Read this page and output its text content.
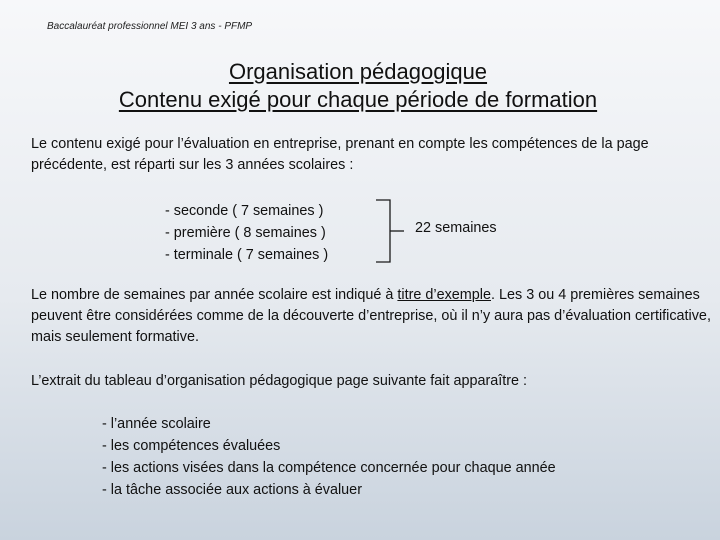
Baccalauréat professionnel MEI 3 ans - PFMP
Organisation pédagogique
Contenu exigé pour chaque période de formation
Le contenu exigé pour l’évaluation en entreprise, prenant en compte les compétences de la page précédente, est réparti sur les 3 années scolaires :
- seconde ( 7 semaines )
- première ( 8 semaines )
- terminale ( 7 semaines )
22 semaines
Le nombre de semaines par année scolaire est indiqué à titre d’exemple. Les 3 ou 4 premières semaines peuvent être considérées comme de la découverte d’entreprise, où il n’y aura pas d’évaluation certificative, mais seulement formative.
L’extrait du tableau d’organisation pédagogique page suivante fait apparaître :
- l’année scolaire
- les compétences évaluées
- les actions visées dans la compétence concernée pour chaque année
- la tâche associée aux actions à évaluer
